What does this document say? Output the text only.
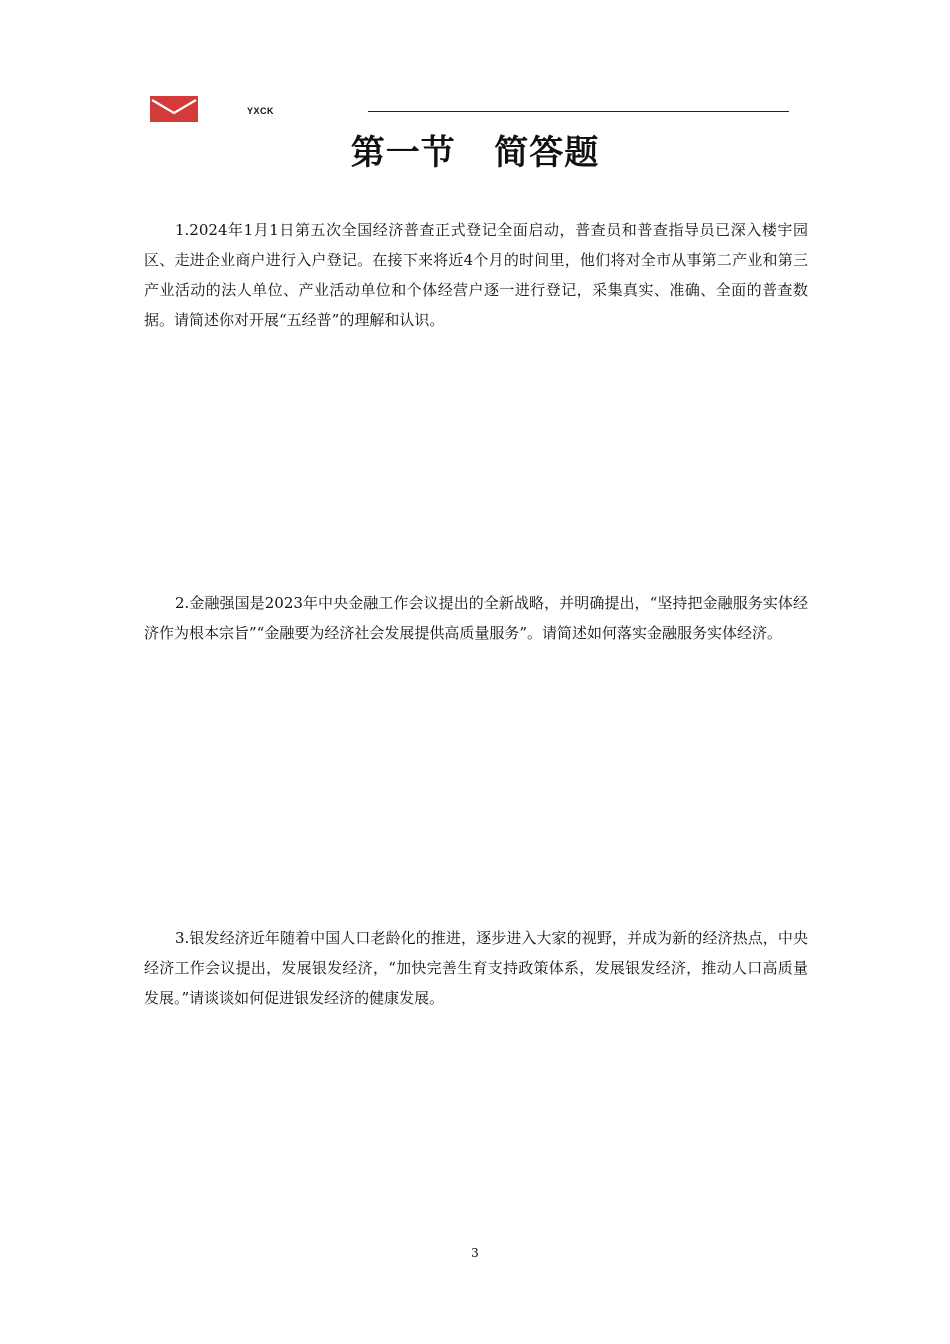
YXCK
第一节   简答题

1.2024年1月1日第五次全国经济普查正式登记全面启动，普查员和普查指导员已深入楼宇园区、走进企业商户进行入户登记。在接下来将近4个月的时间里，他们将对全市从事第二产业和第三产业活动的法人单位、产业活动单位和个体经营户逐一进行登记，采集真实、准确、全面的普查数据。请简述你对开展“五经普”的理解和认识。

2.金融强国是2023年中央金融工作会议提出的全新战略，并明确提出，“坚持把金融服务实体经济作为根本宗旨”“金融要为经济社会发展提供高质量服务”。请简述如何落实金融服务实体经济。

3.银发经济近年随着中国人口老龄化的推进，逐步进入大家的视野，并成为新的经济热点，中央经济工作会议提出，发展银发经济，“加快完善生育支持政策体系，发展银发经济，推动人口高质量发展。”请谈谈如何促进银发经济的健康发展。

3
